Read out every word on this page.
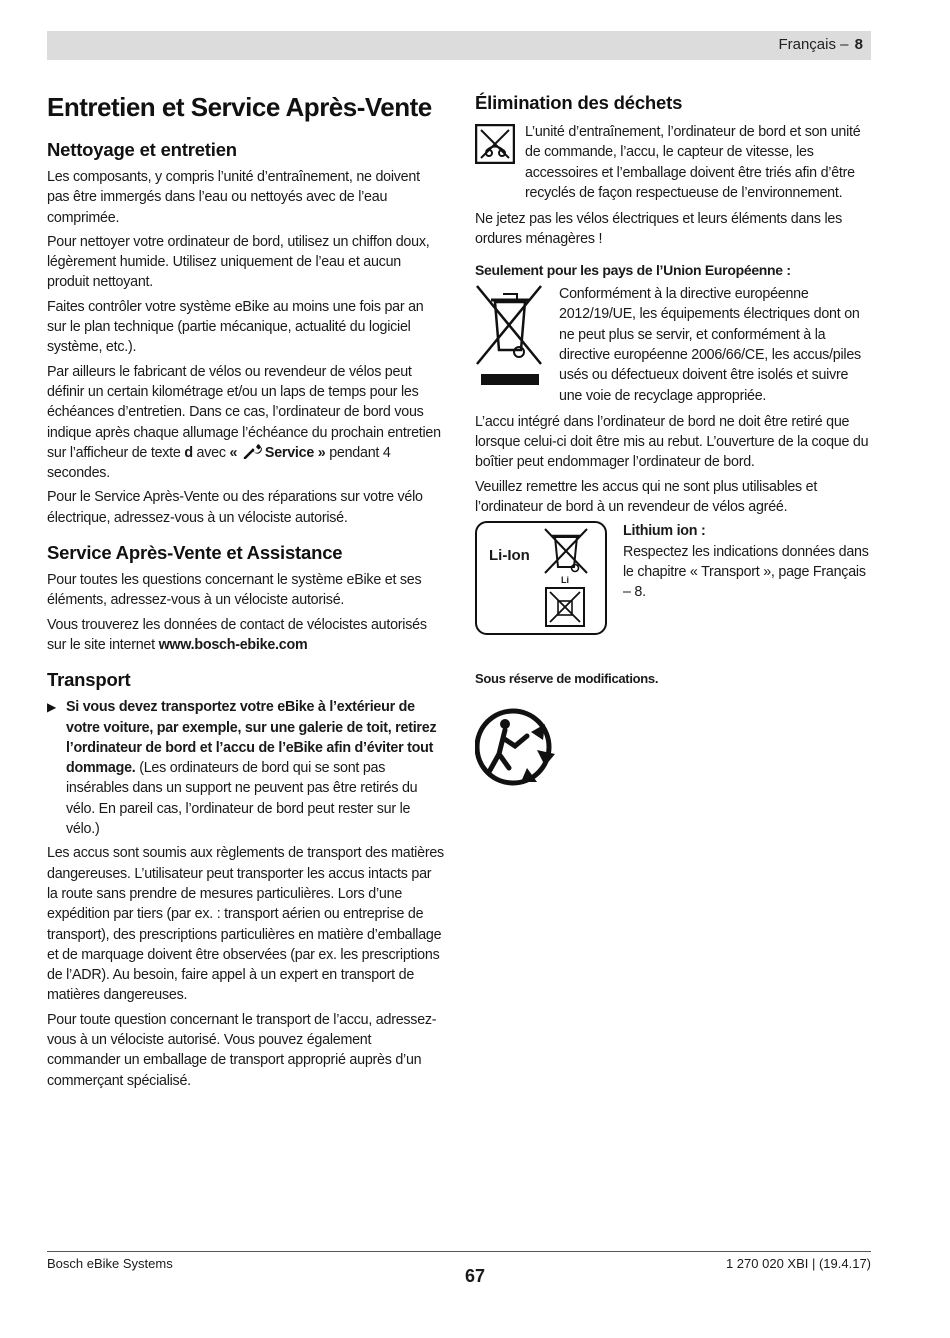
Français – 8
Entretien et Service Après-Vente
Nettoyage et entretien

Les composants, y compris l’unité d’entraînement, ne doivent pas être immergés dans l’eau ou nettoyés avec de l’eau comprimée.

Pour nettoyer votre ordinateur de bord, utilisez un chiffon doux, légèrement humide. Utilisez uniquement de l’eau et aucun produit nettoyant.

Faites contrôler votre système eBike au moins une fois par an sur le plan technique (partie mécanique, actualité du logiciel système, etc.).

Par ailleurs le fabricant de vélos ou revendeur de vélos peut définir un certain kilométrage et/ou un laps de temps pour les échéances d’entretien. Dans ce cas, l’ordinateur de bord vous indique après chaque allumage l’échéance du prochain entretien sur l’afficheur de texte d avec « Service » pendant 4 secondes.

Pour le Service Après-Vente ou des réparations sur votre vélo électrique, adressez-vous à un vélociste autorisé.

Service Après-Vente et Assistance

Pour toutes les questions concernant le système eBike et ses éléments, adressez-vous à un vélociste autorisé.

Vous trouverez les données de contact de vélocistes autorisés sur le site internet www.bosch-ebike.com

Transport
▶ Si vous devez transportez votre eBike à l’extérieur de votre voiture, par exemple, sur une galerie de toit, retirez l’ordinateur de bord et l’accu de l’eBike afin d’éviter tout dommage. (Les ordinateurs de bord qui se sont pas insérables dans un support ne peuvent pas être retirés du vélo. En pareil cas, l’ordinateur de bord peut rester sur le vélo.)

Les accus sont soumis aux règlements de transport des matières dangereuses. L’utilisateur peut transporter les accus intacts par la route sans prendre de mesures particulières. Lors d’une expédition par tiers (par ex. : transport aérien ou entreprise de transport), des prescriptions particulières en matière d’emballage et de marquage doivent être observées (par ex. les prescriptions de l’ADR). Au besoin, faire appel à un expert en transport de matières dangereuses.

Pour toute question concernant le transport de l’accu, adressez-vous à un vélociste autorisé. Vous pouvez également commander un emballage de transport approprié auprès d’un commerçant spécialisé.

Élimination des déchets

L’unité d’entraînement, l’ordinateur de bord et son unité de commande, l’accu, le capteur de vitesse, les accessoires et l’emballage doivent être triés afin d’être recyclés de façon respectueuse de l’environnement.

Ne jetez pas les vélos électriques et leurs éléments dans les ordures ménagères !

Seulement pour les pays de l’Union Européenne :

Conformément à la directive européenne 2012/19/UE, les équipements électriques dont on ne peut plus se servir, et conformément à la directive européenne 2006/66/CE, les accus/piles usés ou défectueux doivent être isolés et suivre une voie de recyclage appropriée.

L’accu intégré dans l’ordinateur de bord ne doit être retiré que lorsque celui-ci doit être mis au rebut. L’ouverture de la coque du boîtier peut endommager l’ordinateur de bord.

Veuillez remettre les accus qui ne sont plus utilisables et l’ordinateur de bord à un revendeur de vélos agréé.

Li-Ion
Li

Lithium ion :

Respectez les indications données dans le chapitre « Transport », page Français – 8.

Sous réserve de modifications.

Bosch eBike Systems	1 270 020 XBI | (19.4.17)
67
